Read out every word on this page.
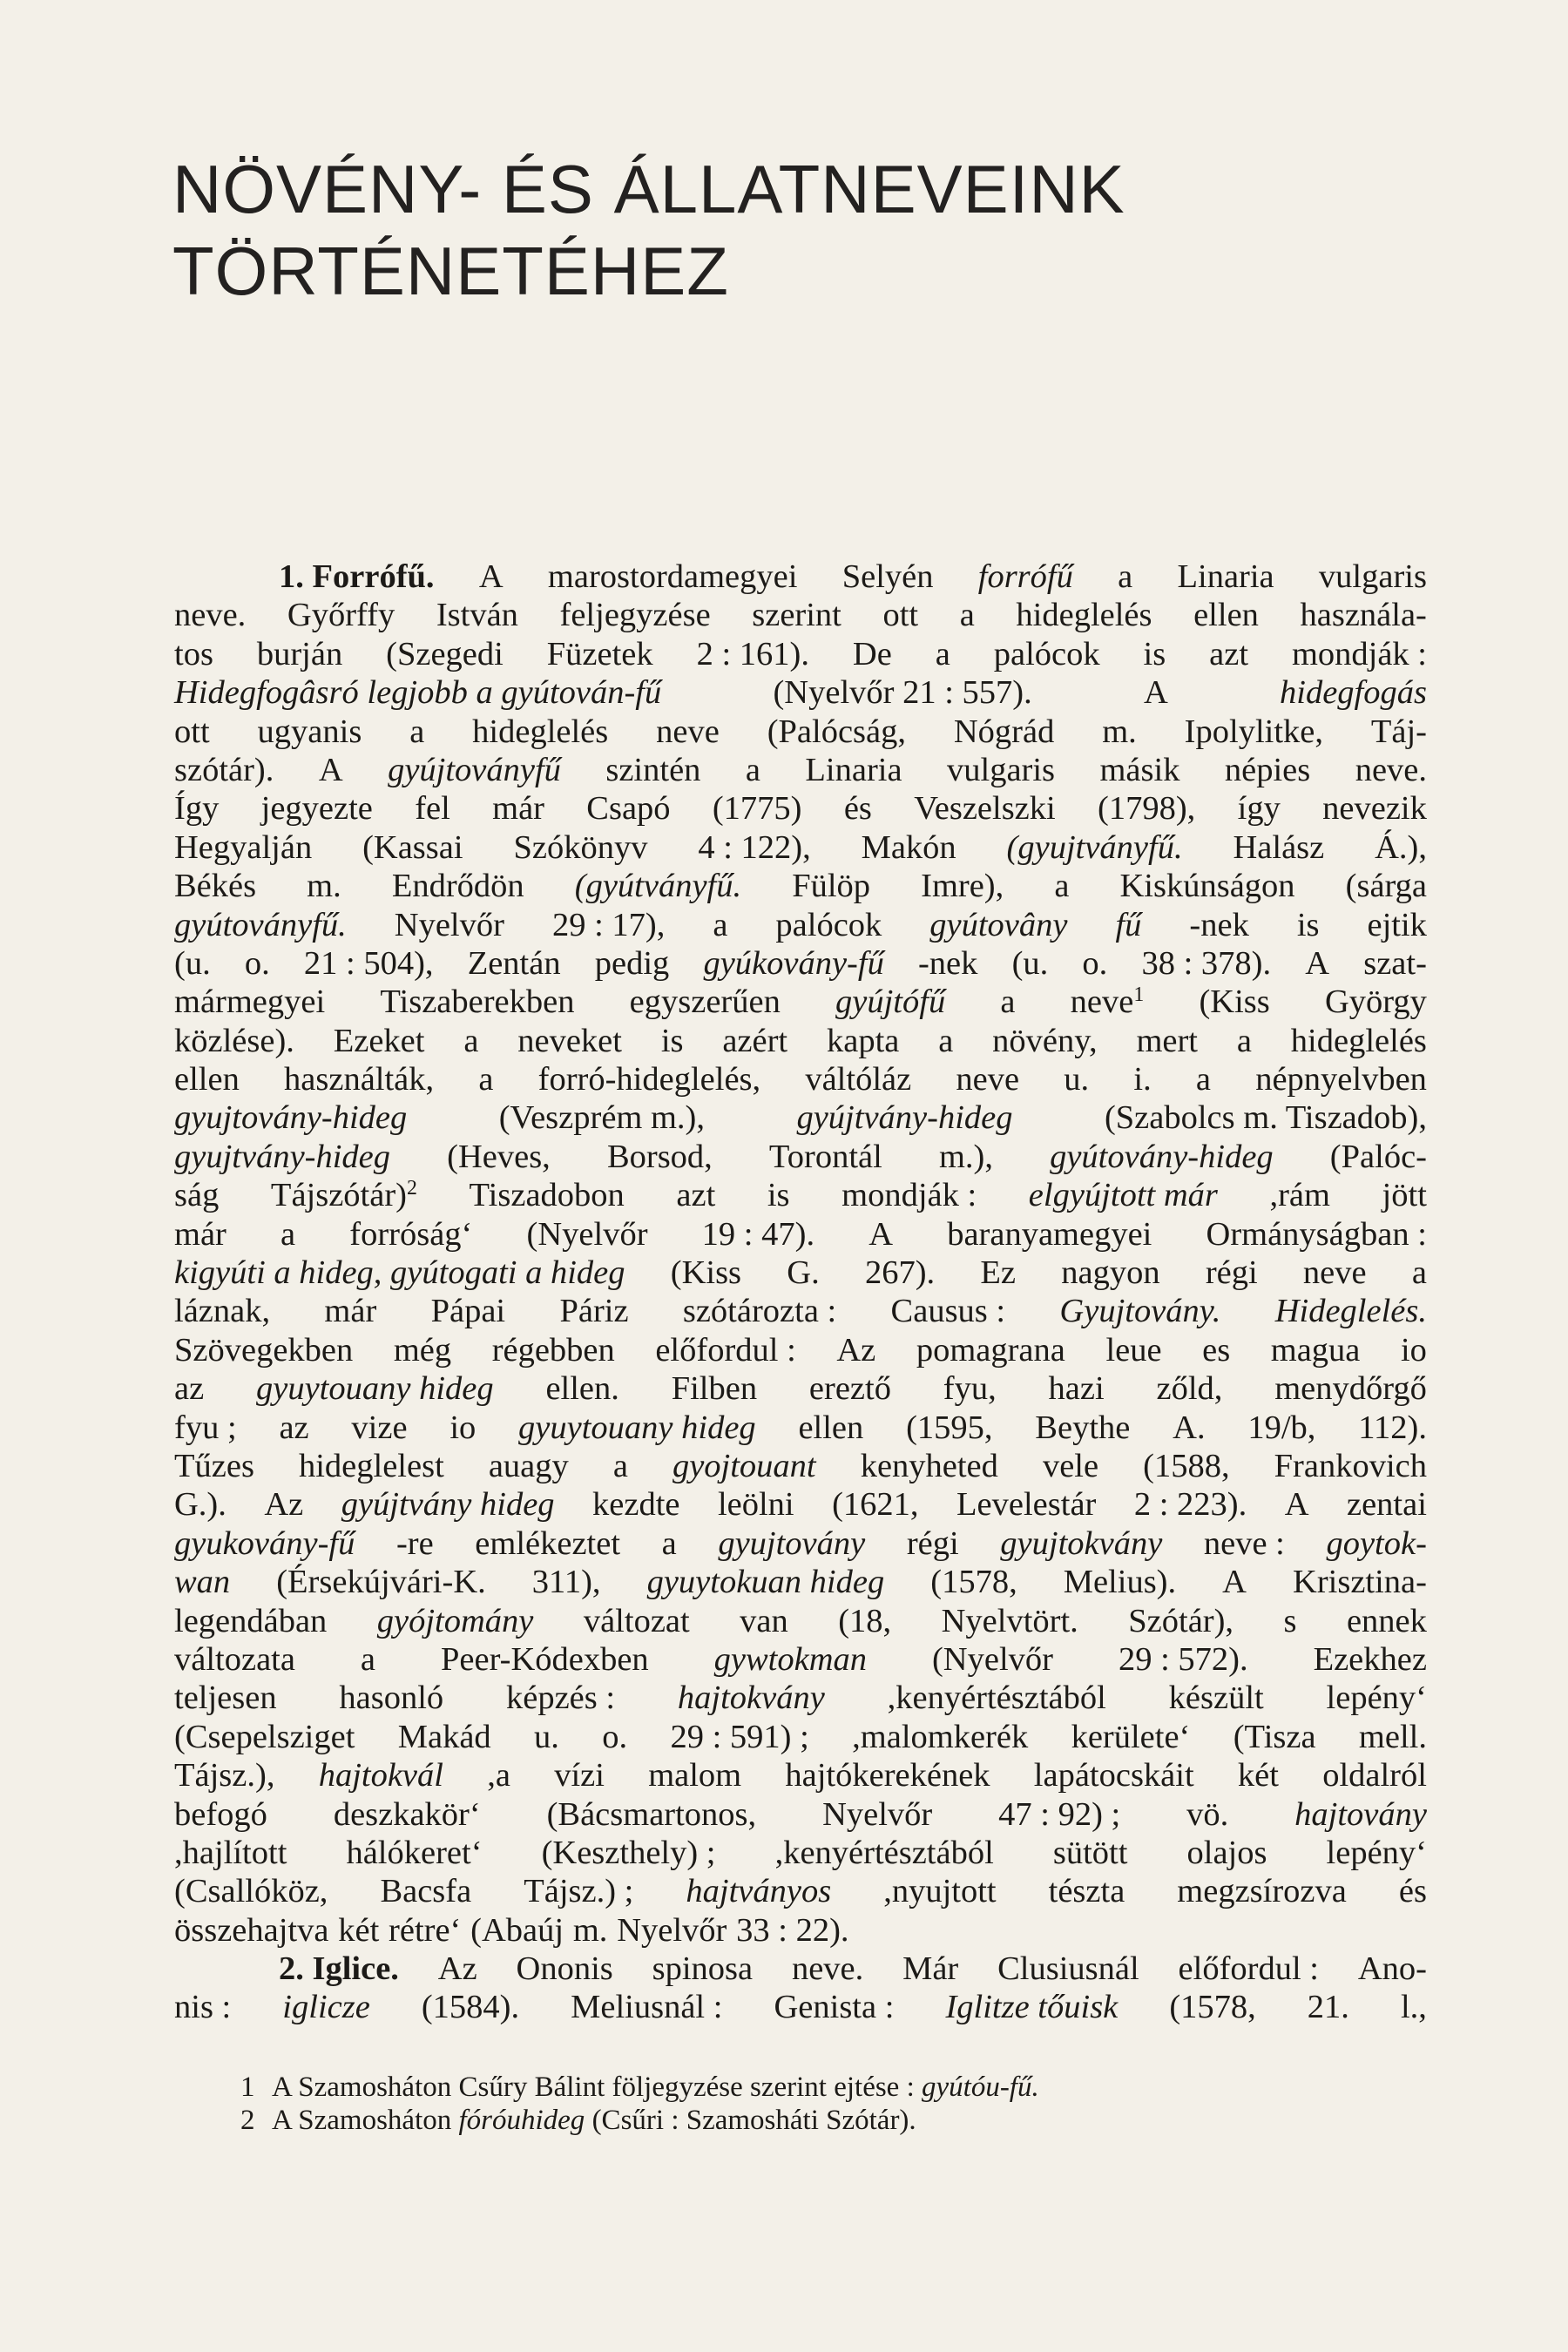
NÖVÉNY- ÉS ÁLLATNEVEINK
TÖRTÉNETÉHEZ
1. Forrófű. A marostordamegyei Selyén forrófű a Linaria vulgaris
neve. Győrffy István feljegyzése szerint ott a hideglelés ellen használa-
tos burján (Szegedi Füzetek 2 : 161). De a palócok is azt mondják :
Hidegfogâsró legjobb a gyútován-fű	(Nyelvőr 21 : 557).	A	hidegfogás
ott ugyanis a hideglelés neve (Palócság, Nógrád m. Ipolylitke, Táj-
szótár). A gyújtoványfű szintén a Linaria vulgaris másik népies neve.
Így jegyezte fel már Csapó (1775) és Veszelszki (1798), így nevezik
Hegyalján (Kassai Szókönyv 4 : 122), Makón (gyujtványfű. Halász Á.),
Békés m. Endrődön (gyútványfű. Fülöp Imre), a Kiskúnságon (sárga
gyútoványfű. Nyelvőr 29 : 17), a palócok gyútovâny fű -nek is ejtik
(u. o. 21 : 504), Zentán pedig gyúkovány-fű -nek (u. o. 38 : 378). A szat-
mármegyei Tiszaberekben egyszerűen gyújtófű a neve$^1$ (Kiss György
közlése). Ezeket a neveket is azért kapta a növény, mert a hideglelés
ellen használták, a forró-hideglelés, váltóláz neve u. i. a népnyelvben
gyujtovány-hideg	(Veszprém m.),	gyújtvány-hideg	(Szabolcs m. Tiszadob),
gyujtvány-hideg (Heves, Borsod, Torontál m.), gyútovány-hideg (Palóc-
ság Tájszótár)$^2$ Tiszadobon azt is mondják : elgyújtott már ,rám jött
már a forróság‘ (Nyelvőr 19 : 47). A baranyamegyei Ormányságban :
kigyúti a hideg, gyútogati a hideg (Kiss G. 267). Ez nagyon régi neve a
láznak, már Pápai Páriz szótározta : Causus : Gyujtovány. Hideglelés.
Szövegekben még régebben előfordul : Az pomagrana leue es magua io
az gyuytouany hideg ellen. Filben ereztő fyu, hazi zőld, menydőrgő
fyu ; az vize io gyuytouany hideg ellen (1595, Beythe A. 19/b, 112).
Tűzes hideglelest auagy a gyojtouant kenyheted vele (1588, Frankovich
G.). Az gyújtvány hideg kezdte leölni (1621, Levelestár 2 : 223). A zentai
gyukovány-fű -re emlékeztet a gyujtovány régi gyujtokvány neve : goytok-
wan (Érsekújvári-K. 311), gyuytokuan hideg (1578, Melius). A Krisztina-
legendában gyójtomány változat van (18, Nyelvtört. Szótár), s ennek
változata a Peer-Kódexben gywtokman (Nyelvőr 29 : 572). Ezekhez
teljesen hasonló képzés : hajtokvány ,kenyértésztából készült lepény‘
(Csepelsziget Makád u. o. 29 : 591) ; ,malomkerék kerülete‘ (Tisza mell.
Tájsz.), hajtokvál ,a vízi malom hajtókerekének lapátocskáit két oldalról
befogó deszkakör‘ (Bácsmartonos, Nyelvőr 47 : 92) ; vö. hajtovány
,hajlított hálókeret‘ (Keszthely) ; ,kenyértésztából sütött olajos lepény‘
(Csallóköz, Bacsfa Tájsz.) ; hajtványos ,nyujtott tészta megzsírozva és
összehajtva két rétre‘ (Abaúj m. Nyelvőr 33 : 22).
2. Iglice. Az Ononis spinosa neve. Már Clusiusnál előfordul : Ano-
nis : iglicze (1584). Meliusnál : Genista : Iglitze tőuisk (1578, 21. l.,
1 A Szamosháton Csűry Bálint följegyzése szerint ejtése : gyútóu-fű.
2 A Szamosháton fóróuhideg (Csűri : Szamosháti Szótár).
